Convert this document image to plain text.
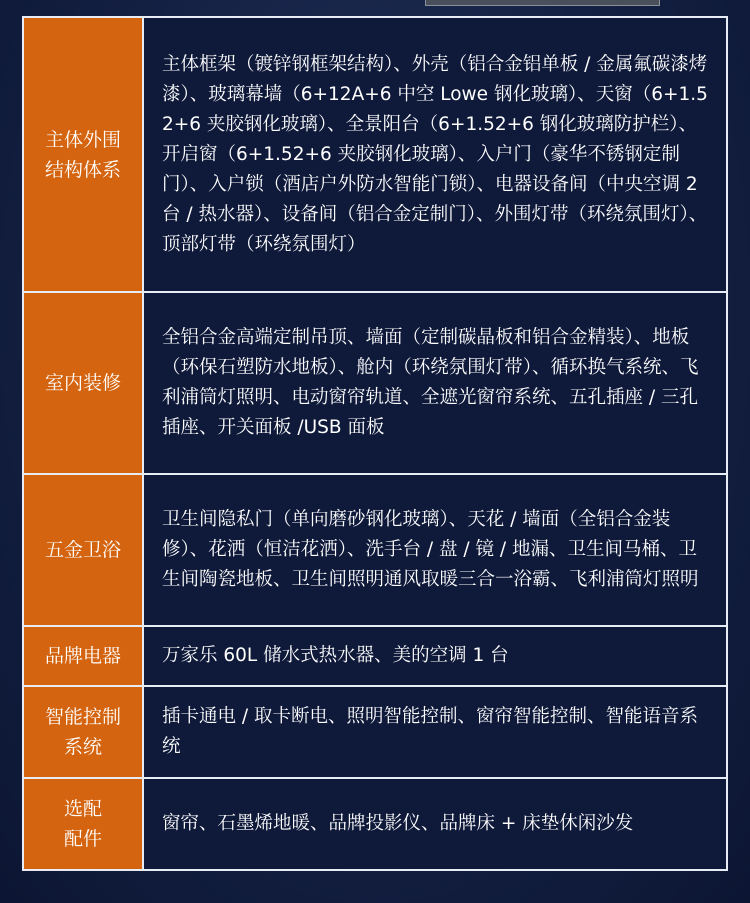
主体外围结构体系	主体框架（镀锌钢框架结构）、外壳（铝合金铝单板 / 金属氟碳漆烤漆）、玻璃幕墙（6+12A+6 中空 Lowe 钢化玻璃）、天窗（6+1.52+6 夹胶钢化玻璃）、全景阳台（6+1.52+6 钢化玻璃防护栏）、开启窗（6+1.52+6 夹胶钢化玻璃）、入户门（豪华不锈钢定制门）、入户锁（酒店户外防水智能门锁）、电器设备间（中央空调 2 台 / 热水器）、设备间（铝合金定制门）、外围灯带（环绕氛围灯）、顶部灯带（环绕氛围灯）
室内装修	全铝合金高端定制吊顶、墙面（定制碳晶板和铝合金精装）、地板（环保石塑防水地板）、舱内（环绕氛围灯带）、循环换气系统、飞利浦筒灯照明、电动窗帘轨道、全遮光窗帘系统、五孔插座 / 三孔插座、开关面板 /USB 面板
五金卫浴	卫生间隐私门（单向磨砂钢化玻璃）、天花 / 墙面（全铝合金装修）、花洒（恒洁花洒）、洗手台 / 盘 / 镜 / 地漏、卫生间马桶、卫生间陶瓷地板、卫生间照明通风取暖三合一浴霸、飞利浦筒灯照明
品牌电器	万家乐 60L 储水式热水器、美的空调 1 台
智能控制系统	插卡通电 / 取卡断电、照明智能控制、窗帘智能控制、智能语音系统
选配配件	窗帘、石墨烯地暖、品牌投影仪、品牌床 + 床垫休闲沙发
